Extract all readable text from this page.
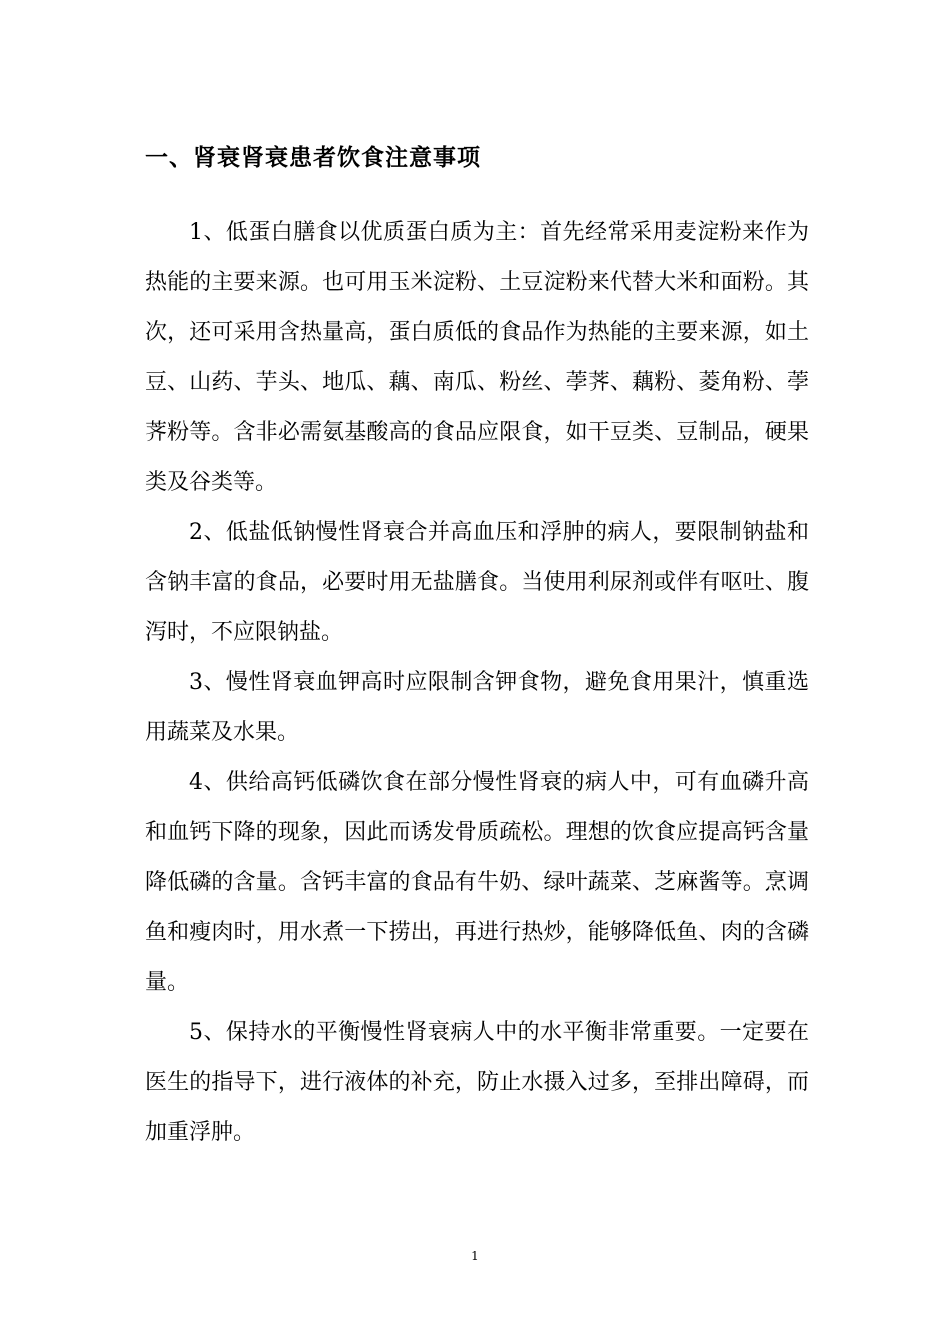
一、肾衰肾衰患者饮食注意事项

1、低蛋白膳食以优质蛋白质为主：首先经常采用麦淀粉来作为热能的主要来源。也可用玉米淀粉、土豆淀粉来代替大米和面粉。其次，还可采用含热量高，蛋白质低的食品作为热能的主要来源，如土豆、山药、芋头、地瓜、藕、南瓜、粉丝、荸荠、藕粉、菱角粉、荸荠粉等。含非必需氨基酸高的食品应限食，如干豆类、豆制品，硬果类及谷类等。

2、低盐低钠慢性肾衰合并高血压和浮肿的病人，要限制钠盐和含钠丰富的食品，必要时用无盐膳食。当使用利尿剂或伴有呕吐、腹泻时，不应限钠盐。

3、慢性肾衰血钾高时应限制含钾食物，避免食用果汁，慎重选用蔬菜及水果。

4、供给高钙低磷饮食在部分慢性肾衰的病人中，可有血磷升高和血钙下降的现象，因此而诱发骨质疏松。理想的饮食应提高钙含量降低磷的含量。含钙丰富的食品有牛奶、绿叶蔬菜、芝麻酱等。烹调鱼和瘦肉时，用水煮一下捞出，再进行热炒，能够降低鱼、肉的含磷量。

5、保持水的平衡慢性肾衰病人中的水平衡非常重要。一定要在医生的指导下，进行液体的补充，防止水摄入过多，至排出障碍，而加重浮肿。

1
